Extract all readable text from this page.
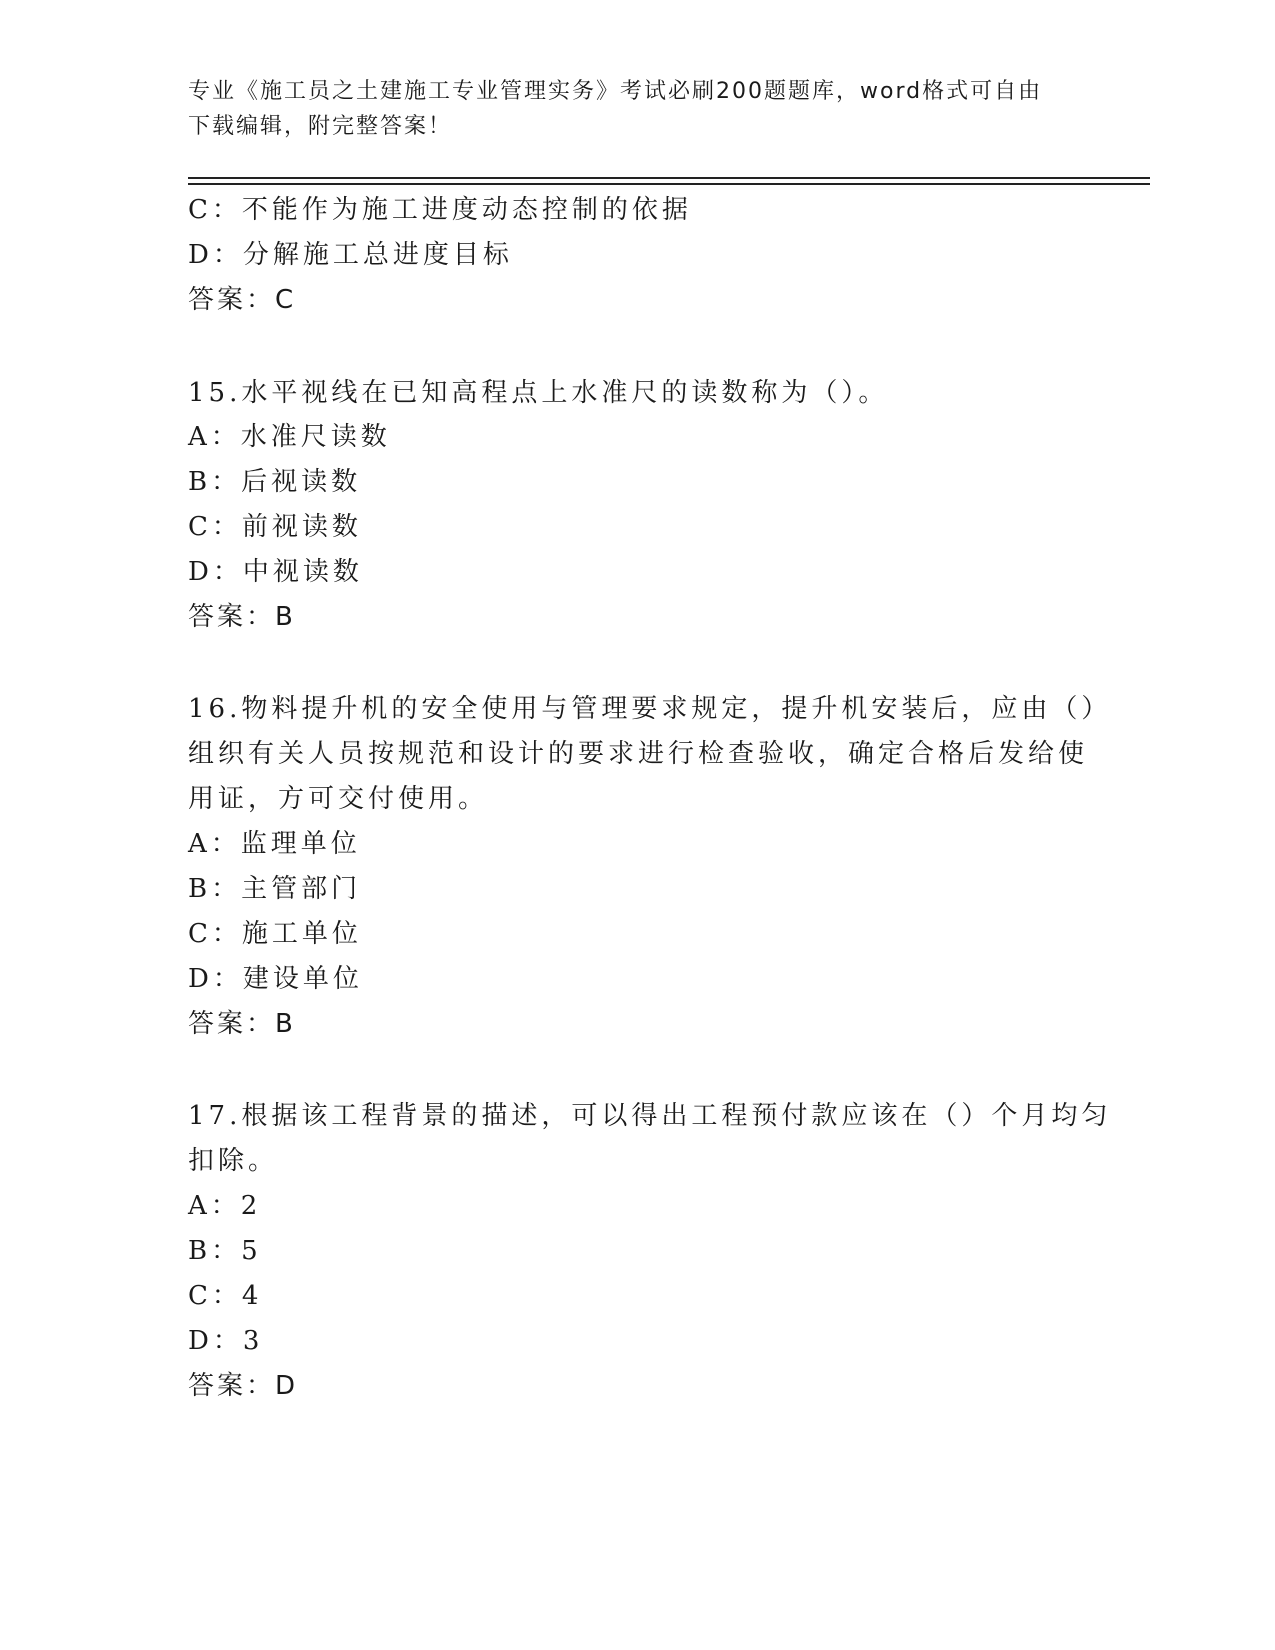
专业《施工员之土建施工专业管理实务》考试必刷200题题库，word格式可自由
下载编辑，附完整答案！
C：不能作为施工进度动态控制的依据
D：分解施工总进度目标
答案：C
15.水平视线在已知高程点上水准尺的读数称为（）。
A：水准尺读数
B：后视读数
C：前视读数
D：中视读数
答案：B
16.物料提升机的安全使用与管理要求规定，提升机安装后，应由（）
组织有关人员按规范和设计的要求进行检查验收，确定合格后发给使
用证，方可交付使用。
A：监理单位
B：主管部门
C：施工单位
D：建设单位
答案：B
17.根据该工程背景的描述，可以得出工程预付款应该在（）个月均匀
扣除。
A：2
B：5
C：4
D：3
答案：D
